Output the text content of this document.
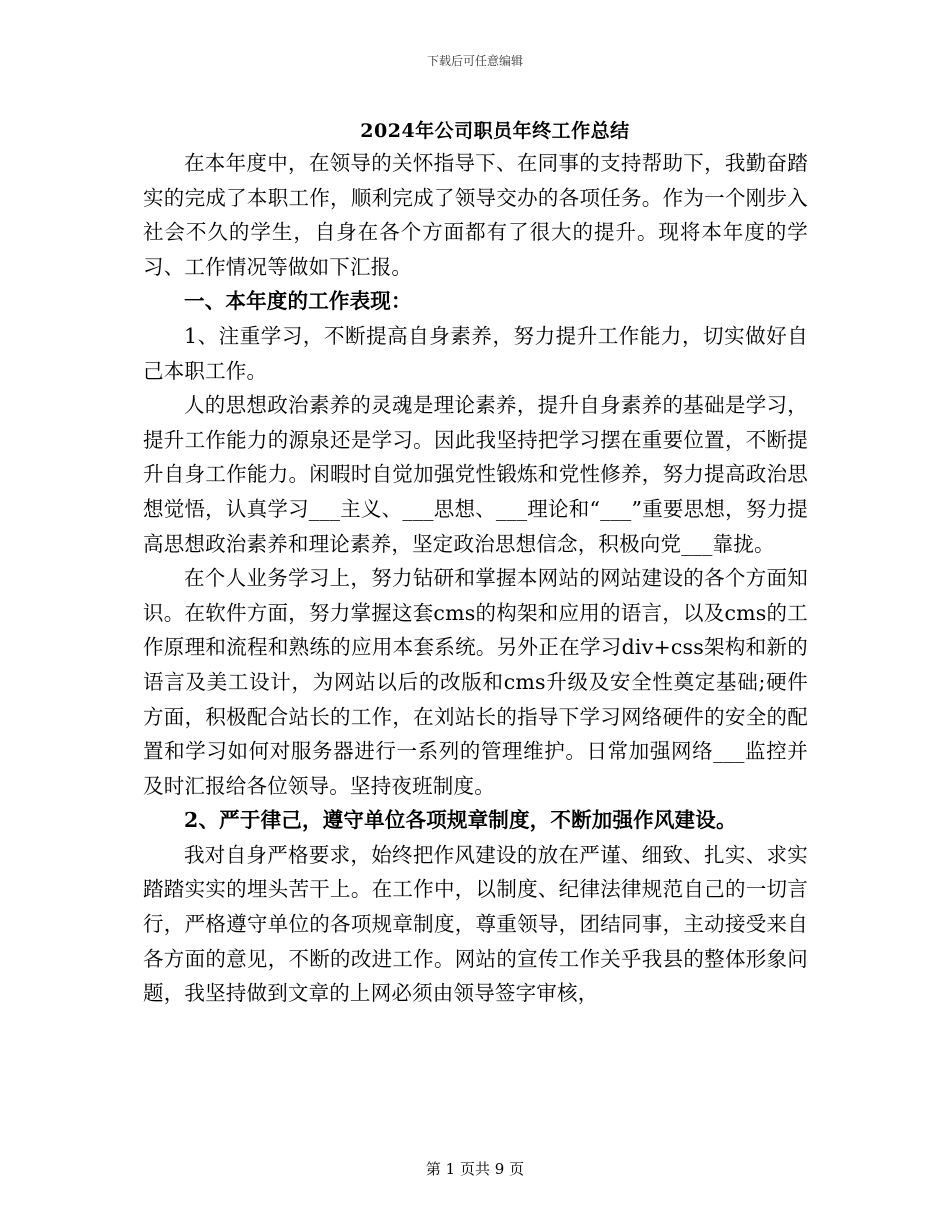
下载后可任意编辑
2024年公司职员年终工作总结

在本年度中，在领导的关怀指导下、在同事的支持帮助下，我勤奋踏实的完成了本职工作，顺利完成了领导交办的各项任务。作为一个刚步入社会不久的学生，自身在各个方面都有了很大的提升。现将本年度的学习、工作情况等做如下汇报。

一、本年度的工作表现：

1、注重学习，不断提高自身素养，努力提升工作能力，切实做好自己本职工作。

人的思想政治素养的灵魂是理论素养，提升自身素养的基础是学习，提升工作能力的源泉还是学习。因此我坚持把学习摆在重要位置，不断提升自身工作能力。闲暇时自觉加强党性锻炼和党性修养，努力提高政治思想觉悟，认真学习___主义、___思想、___理论和“___”重要思想，努力提高思想政治素养和理论素养，坚定政治思想信念，积极向党___靠拢。

在个人业务学习上，努力钻研和掌握本网站的网站建设的各个方面知识。在软件方面，努力掌握这套cms的构架和应用的语言，以及cms的工作原理和流程和熟练的应用本套系统。另外正在学习div+css架构和新的语言及美工设计，为网站以后的改版和cms升级及安全性奠定基础;硬件方面，积极配合站长的工作，在刘站长的指导下学习网络硬件的安全的配置和学习如何对服务器进行一系列的管理维护。日常加强网络___监控并及时汇报给各位领导。坚持夜班制度。

2、严于律己，遵守单位各项规章制度，不断加强作风建设。

我对自身严格要求，始终把作风建设的放在严谨、细致、扎实、求实踏踏实实的埋头苦干上。在工作中，以制度、纪律法律规范自己的一切言行，严格遵守单位的各项规章制度，尊重领导，团结同事，主动接受来自各方面的意见，不断的改进工作。网站的宣传工作关乎我县的整体形象问题，我坚持做到文章的上网必须由领导签字审核，

第 1 页共 9 页
